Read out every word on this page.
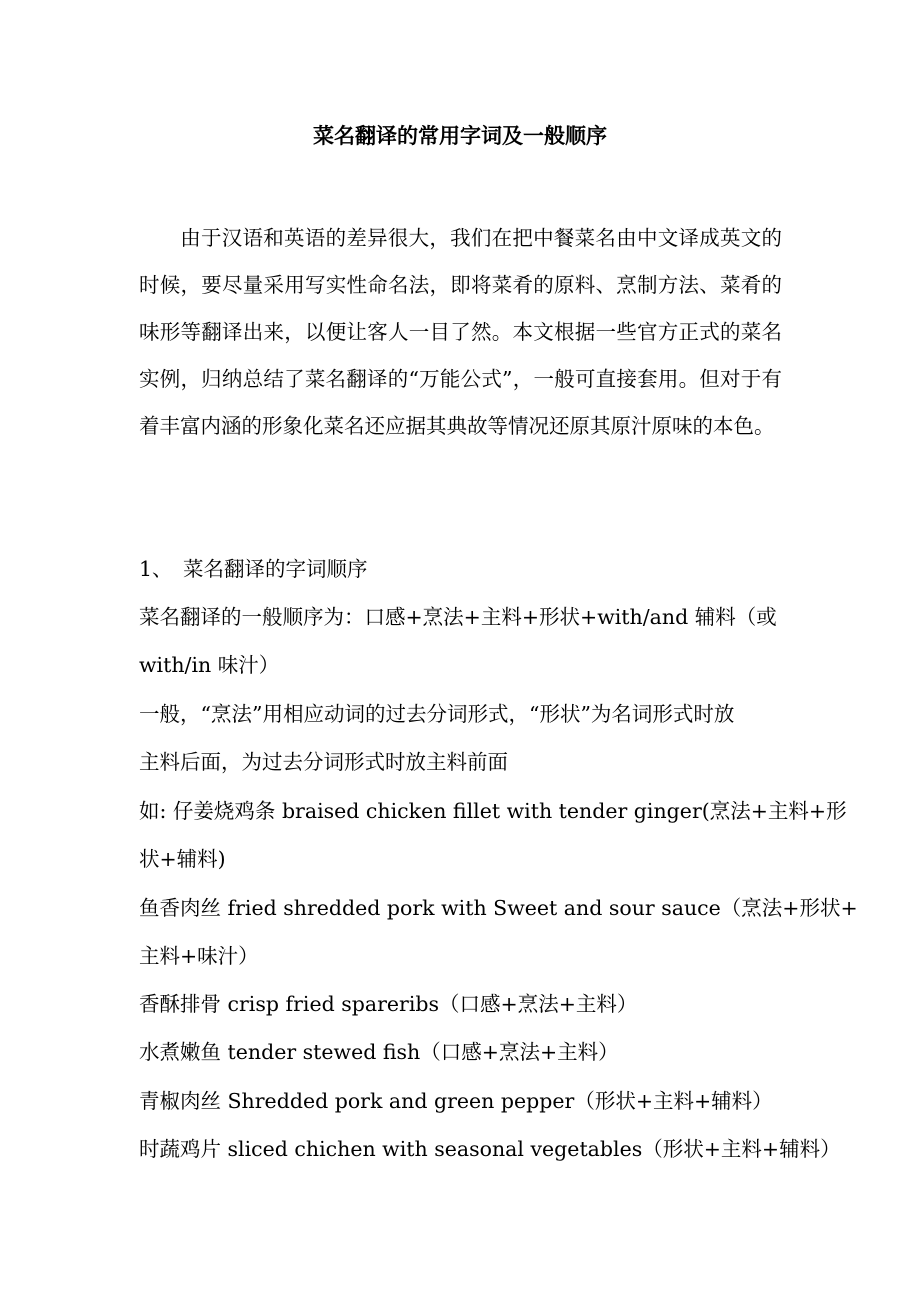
菜名翻译的常用字词及一般顺序

由于汉语和英语的差异很大，我们在把中餐菜名由中文译成英文的时候，要尽量采用写实性命名法，即将菜肴的原料、烹制方法、菜肴的味形等翻译出来，以便让客人一目了然。本文根据一些官方正式的菜名实例，归纳总结了菜名翻译的“万能公式”，一般可直接套用。但对于有着丰富内涵的形象化菜名还应据其典故等情况还原其原汁原味的本色。

1、 菜名翻译的字词顺序

菜名翻译的一般顺序为：口感+烹法+主料+形状+with/and 辅料（或

with/in 味汁）

一般，“烹法”用相应动词的过去分词形式，“形状”为名词形式时放

主料后面，为过去分词形式时放主料前面

如: 仔姜烧鸡条 braised chicken fillet with tender ginger(烹法+主料+形

状+辅料)

鱼香肉丝 fried shredded pork with Sweet and sour sauce（烹法+形状+

主料+味汁）

香酥排骨 crisp fried spareribs（口感+烹法+主料）

水煮嫩鱼 tender stewed fish（口感+烹法+主料）

青椒肉丝 Shredded pork and green pepper（形状+主料+辅料）

时蔬鸡片 sliced chichen with seasonal vegetables（形状+主料+辅料）
